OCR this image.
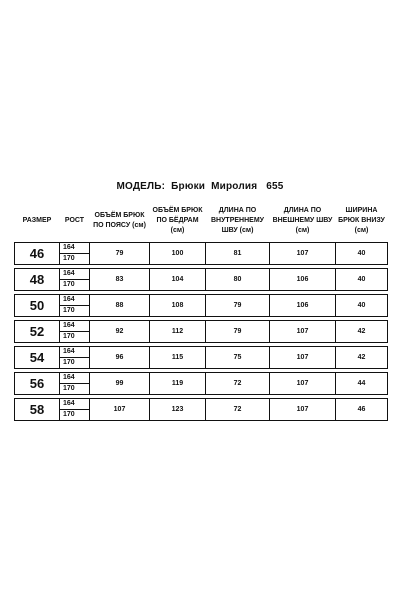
МОДЕЛЬ:  Брюки  Миролия   655
РАЗМЕР	РОСТ	ОБЪЁМ БРЮК ПО ПОЯСУ (см)	ОБЪЁМ БРЮК ПО БЁДРАМ (см)	ДЛИНА ПО ВНУТРЕННЕМУ ШВУ (см)	ДЛИНА ПО ВНЕШНЕМУ ШВУ (см)	ШИРИНА БРЮК ВНИЗУ (см)
46	164	79	100	81	107	40
	170					

48	164	83	104	80	106	40
	170					

50	164	88	108	79	106	40
	170					

52	164	92	112	79	107	42
	170					

54	164	96	115	75	107	42
	170					

56	164	99	119	72	107	44
	170					

58	164	107	123	72	107	46
	170					
